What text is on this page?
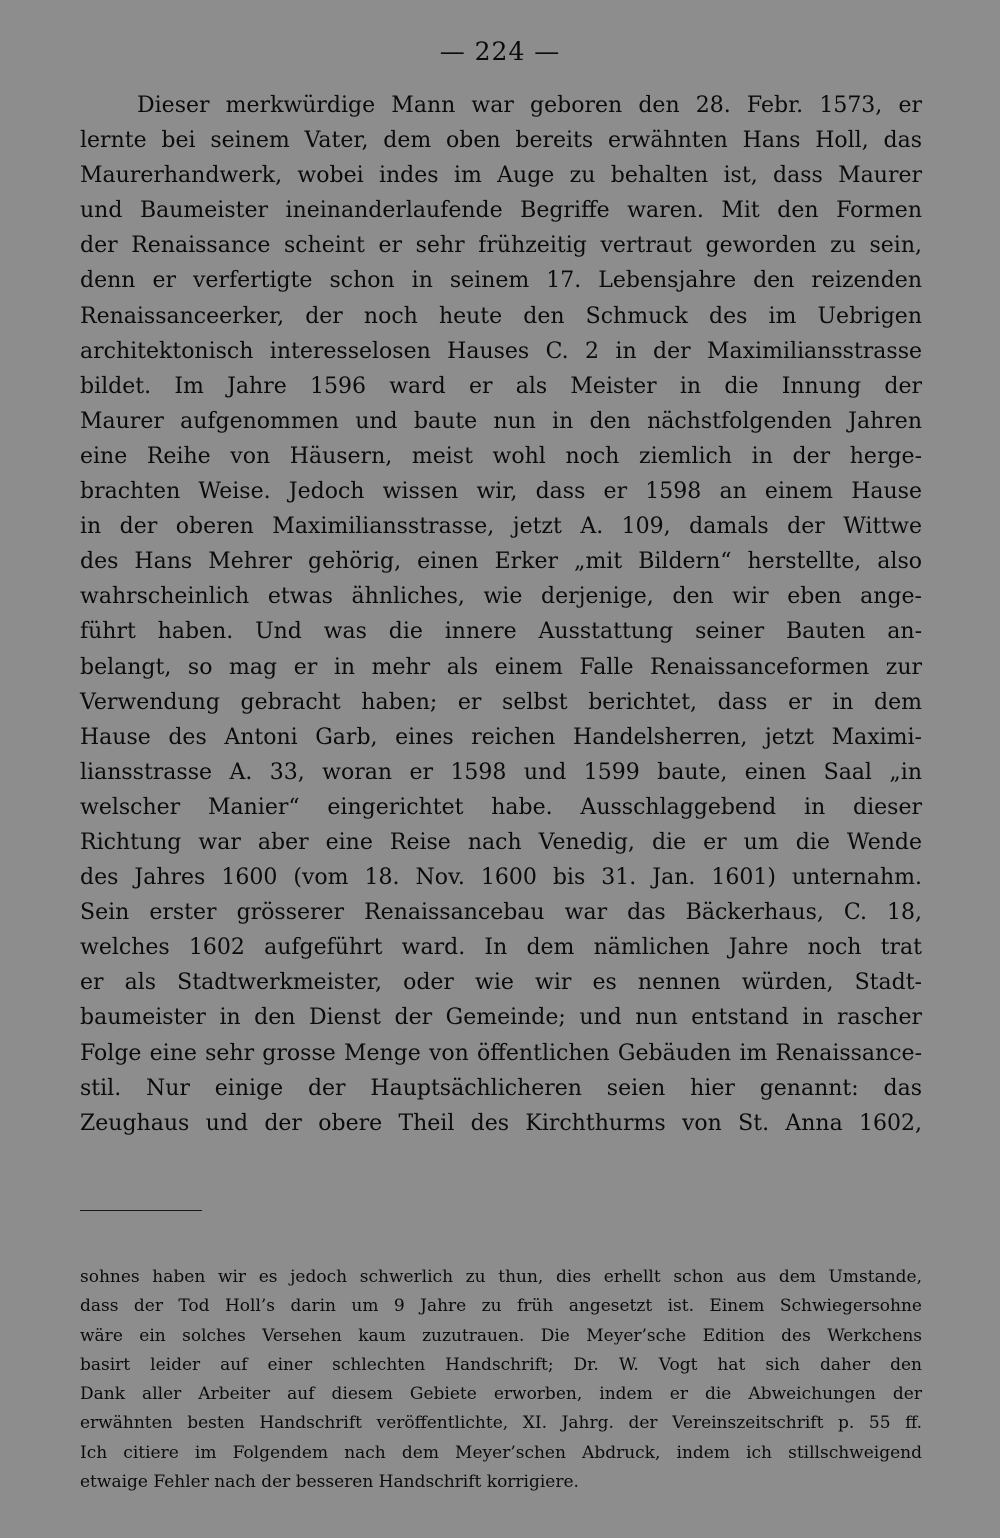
— 224 —
Dieser merkwürdige Mann war geboren den 28. Febr. 1573, er
lernte bei seinem Vater, dem oben bereits erwähnten Hans Holl, das
Maurerhandwerk, wobei indes im Auge zu behalten ist, dass Maurer
und Baumeister ineinanderlaufende Begriffe waren. Mit den Formen
der Renaissance scheint er sehr frühzeitig vertraut geworden zu sein,
denn er verfertigte schon in seinem 17. Lebensjahre den reizenden
Renaissanceerker, der noch heute den Schmuck des im Uebrigen
architektonisch interesselosen Hauses C. 2 in der Maximiliansstrasse
bildet. Im Jahre 1596 ward er als Meister in die Innung der
Maurer aufgenommen und baute nun in den nächstfolgenden Jahren
eine Reihe von Häusern, meist wohl noch ziemlich in der herge-
brachten Weise. Jedoch wissen wir, dass er 1598 an einem Hause
in der oberen Maximiliansstrasse, jetzt A. 109, damals der Wittwe
des Hans Mehrer gehörig, einen Erker „mit Bildern“ herstellte, also
wahrscheinlich etwas ähnliches, wie derjenige, den wir eben ange-
führt haben. Und was die innere Ausstattung seiner Bauten an-
belangt, so mag er in mehr als einem Falle Renaissanceformen zur
Verwendung gebracht haben; er selbst berichtet, dass er in dem
Hause des Antoni Garb, eines reichen Handelsherren, jetzt Maximi-
liansstrasse A. 33, woran er 1598 und 1599 baute, einen Saal „in
welscher Manier“ eingerichtet habe. Ausschlaggebend in dieser
Richtung war aber eine Reise nach Venedig, die er um die Wende
des Jahres 1600 (vom 18. Nov. 1600 bis 31. Jan. 1601) unternahm.
Sein erster grösserer Renaissancebau war das Bäckerhaus, C. 18,
welches 1602 aufgeführt ward. In dem nämlichen Jahre noch trat
er als Stadtwerkmeister, oder wie wir es nennen würden, Stadt-
baumeister in den Dienst der Gemeinde; und nun entstand in rascher
Folge eine sehr grosse Menge von öffentlichen Gebäuden im Renaissance-
stil. Nur einige der Hauptsächlicheren seien hier genannt: das
Zeughaus und der obere Theil des Kirchthurms von St. Anna 1602,
sohnes haben wir es jedoch schwerlich zu thun, dies erhellt schon aus dem Umstande,
dass der Tod Holl’s darin um 9 Jahre zu früh angesetzt ist. Einem Schwiegersohne
wäre ein solches Versehen kaum zuzutrauen. Die Meyer’sche Edition des Werkchens
basirt leider auf einer schlechten Handschrift; Dr. W. Vogt hat sich daher den
Dank aller Arbeiter auf diesem Gebiete erworben, indem er die Abweichungen der
erwähnten besten Handschrift veröffentlichte, XI. Jahrg. der Vereinszeitschrift p. 55 ff.
Ich citiere im Folgendem nach dem Meyer’schen Abdruck, indem ich stillschweigend
etwaige Fehler nach der besseren Handschrift korrigiere.
